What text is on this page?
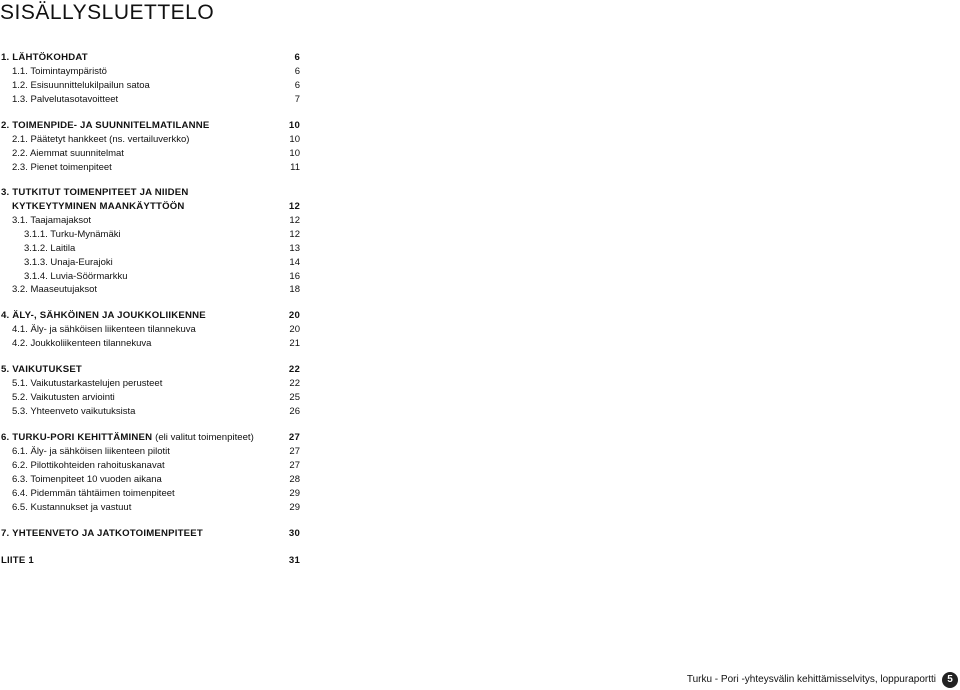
SISÄLLYSLUETTELO
1. LÄHTÖKOHDAT	6
1.1. Toimintaympäristö	6
1.2. Esisuunnittelukilpailun satoa	6
1.3. Palvelutasotavoitteet	7
2. TOIMENPIDE- JA SUUNNITELMATILANNE	10
2.1. Päätetyt hankkeet (ns. vertailuverkko)	10
2.2. Aiemmat suunnitelmat	10
2.3. Pienet toimenpiteet	11
3. TUTKITUT TOIMENPITEET JA NIIDEN
KYTKEYTYMINEN MAANKÄYTTÖÖN	12
3.1. Taajamajaksot	12
3.1.1. Turku-Mynämäki	12
3.1.2. Laitila	13
3.1.3. Unaja-Eurajoki	14
3.1.4. Luvia-Söörmarkku	16
3.2. Maaseutujaksot	18
4. ÄLY-, SÄHKÖINEN JA JOUKKOLIIKENNE	20
4.1. Äly- ja sähköisen liikenteen tilannekuva	20
4.2. Joukkoliikenteen tilannekuva	21
5. VAIKUTUKSET	22
5.1. Vaikutustarkastelujen perusteet	22
5.2. Vaikutusten arviointi	25
5.3. Yhteenveto vaikutuksista	26
6. TURKU-PORI KEHITTÄMINEN (eli valitut toimenpiteet)	27
6.1. Äly- ja sähköisen liikenteen pilotit	27
6.2. Pilottikohteiden rahoituskanavat	27
6.3. Toimenpiteet 10 vuoden aikana	28
6.4. Pidemmän tähtäimen toimenpiteet	29
6.5. Kustannukset ja vastuut	29
7. YHTEENVETO JA JATKOTOIMENPITEET	30
LIITE 1	31
Turku - Pori -yhteysvälin kehittämisselvitys, loppuraportti	5
